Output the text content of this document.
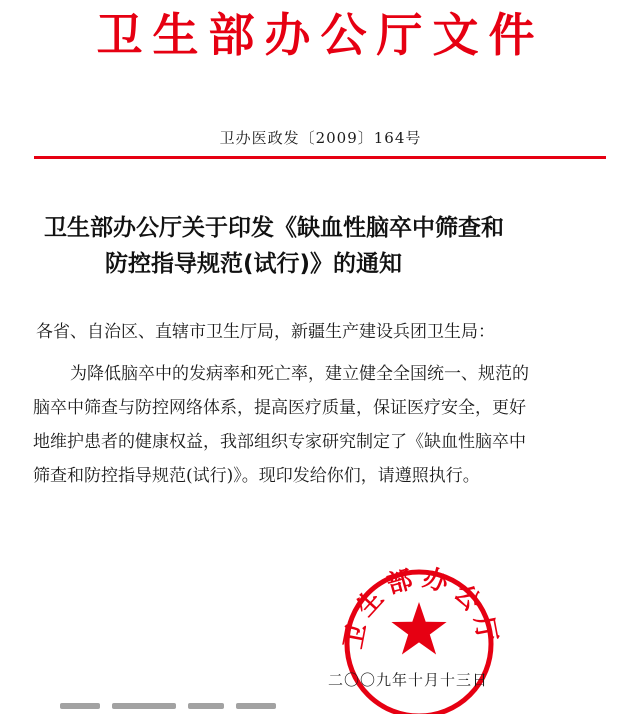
卫生部办公厅文件
卫办医政发〔2009〕164号
卫生部办公厅关于印发《缺血性脑卒中筛查和
防控指导规范(试行)》的通知
各省、自治区、直辖市卫生厅局，新疆生产建设兵团卫生局：
为降低脑卒中的发病率和死亡率，建立健全全国统一、规范的
脑卒中筛查与防控网络体系，提高医疗质量，保证医疗安全，更好
地维护患者的健康权益，我部组织专家研究制定了《缺血性脑卒中
筛查和防控指导规范(试行)》。现印发给你们，请遵照执行。
卫生部办公厅
二〇〇九年十月十三日
